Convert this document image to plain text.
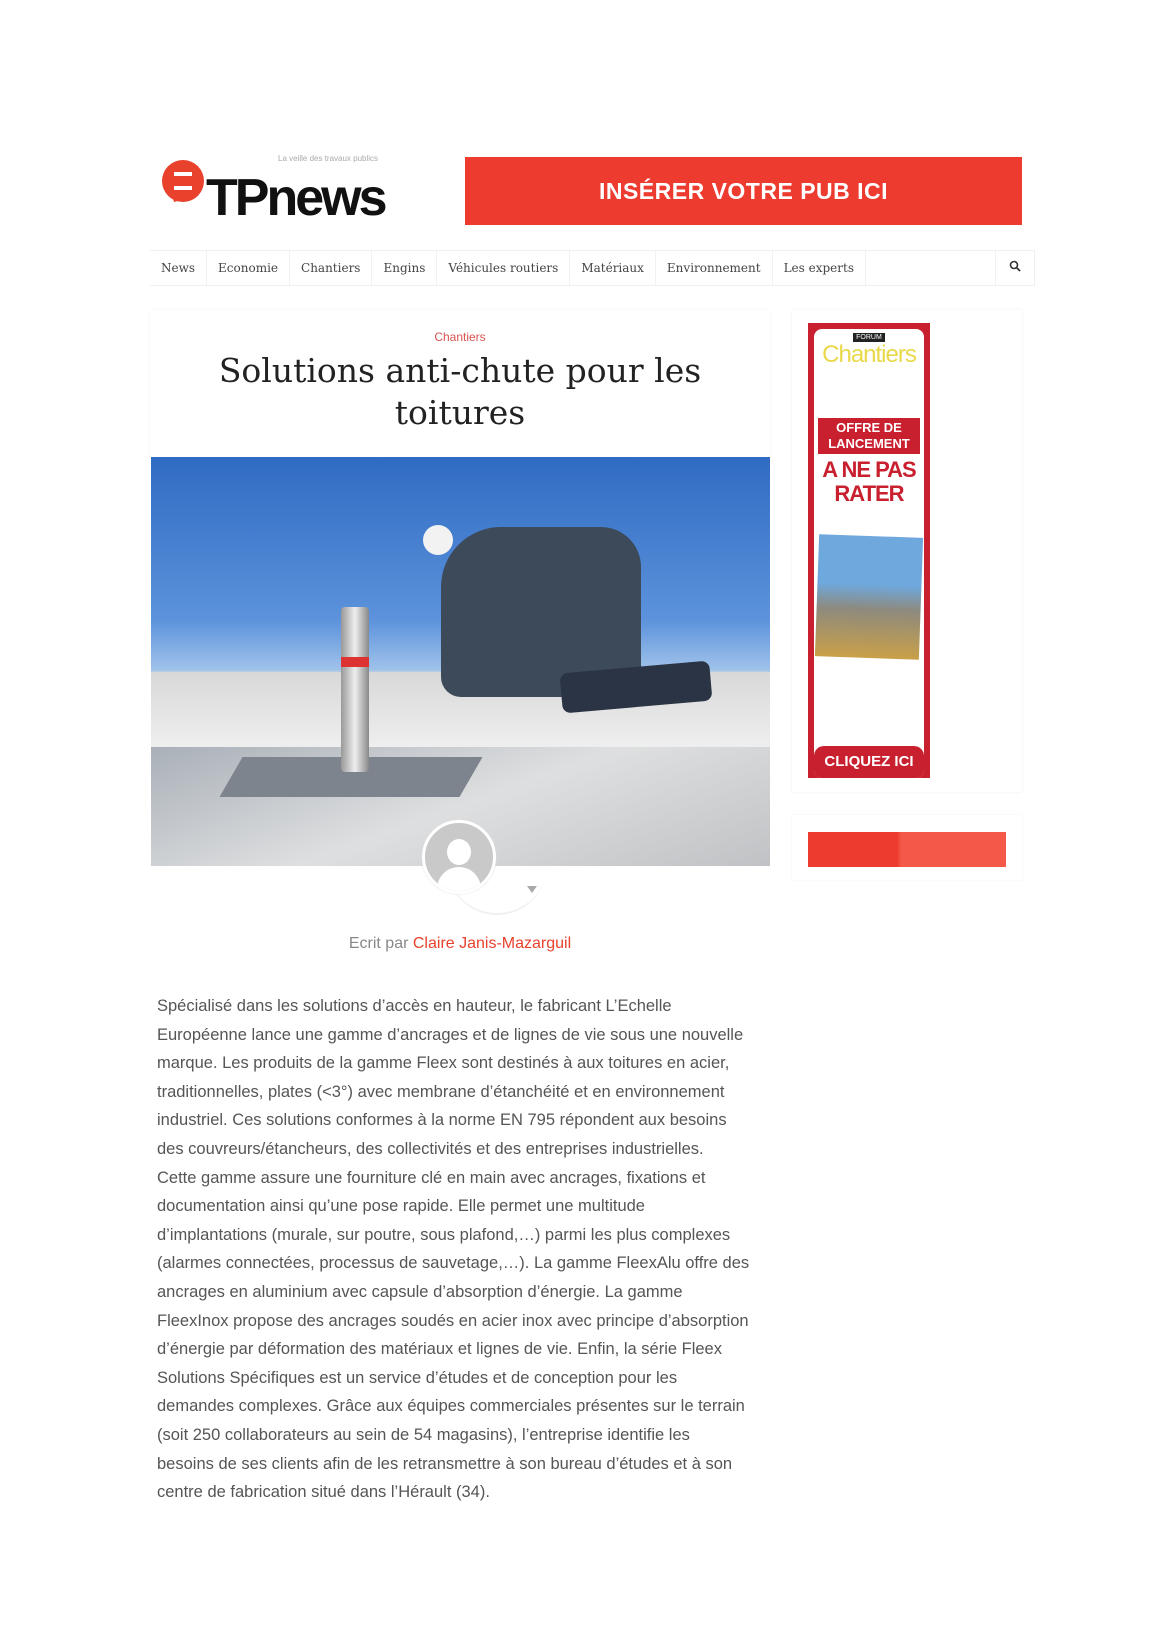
La veille des travaux publics
TPnews	INSÉRER VOTRE PUB ICI
News	Economie	Chantiers	Engins	Véhicules routiers	Matériaux	Environnement	Les experts
Chantiers
Solutions anti-chute pour les toitures
Ecrit par Claire Janis-Mazarguil
Spécialisé dans les solutions d’accès en hauteur, le fabricant L’Echelle
Européenne lance une gamme d’ancrages et de lignes de vie sous une nouvelle
marque. Les produits de la gamme Fleex sont destinés à aux toitures en acier,
traditionnelles, plates (<3°) avec membrane d’étanchéité et en environnement
industriel. Ces solutions conformes à la norme EN 795 répondent aux besoins
des couvreurs/étancheurs, des collectivités et des entreprises industrielles.
Cette gamme assure une fourniture clé en main avec ancrages, fixations et
documentation ainsi qu’une pose rapide. Elle permet une multitude
d’implantations (murale, sur poutre, sous plafond,…) parmi les plus complexes
(alarmes connectées, processus de sauvetage,…). La gamme FleexAlu offre des
ancrages en aluminium avec capsule d’absorption d’énergie. La gamme
FleexInox propose des ancrages soudés en acier inox avec principe d’absorption
d’énergie par déformation des matériaux et lignes de vie. Enfin, la série Fleex
Solutions Spécifiques est un service d’études et de conception pour les
demandes complexes. Grâce aux équipes commerciales présentes sur le terrain
(soit 250 collaborateurs au sein de 54 magasins), l’entreprise identifie les
besoins de ses clients afin de les retransmettre à son bureau d’études et à son
centre de fabrication situé dans l’Hérault (34).
FORUM
Chantiers
OFFRE DE LANCEMENT
A NE PAS RATER
CLIQUEZ ICI
